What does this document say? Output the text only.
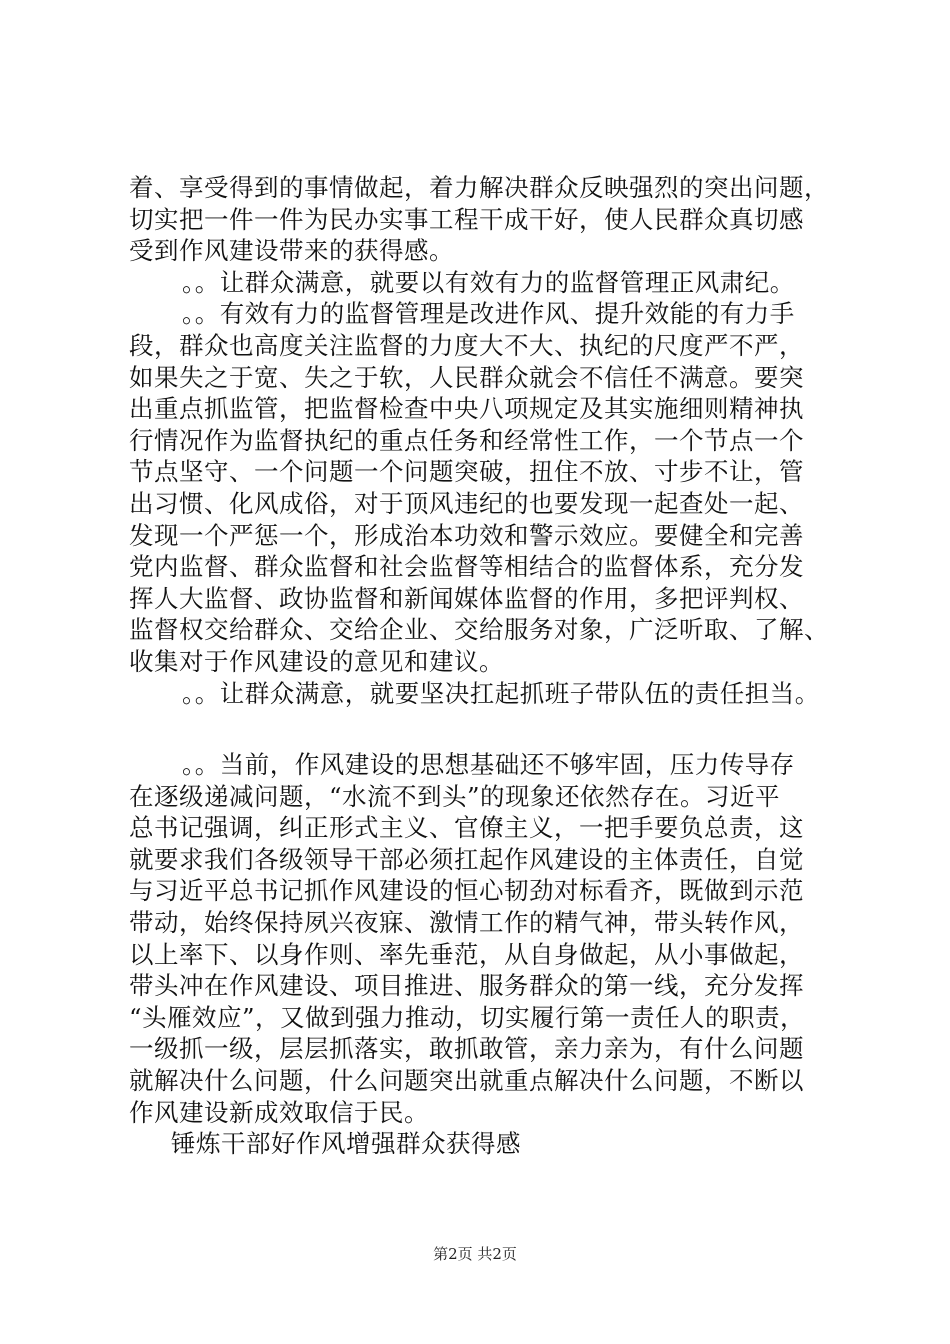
着、享受得到的事情做起，着力解决群众反映强烈的突出问题，
切实把一件一件为民办实事工程干成干好，使人民群众真切感
受到作风建设带来的获得感。
。。让群众满意，就要以有效有力的监督管理正风肃纪。
。。有效有力的监督管理是改进作风、提升效能的有力手
段，群众也高度关注监督的力度大不大、执纪的尺度严不严，
如果失之于宽、失之于软，人民群众就会不信任不满意。要突
出重点抓监管，把监督检查中央八项规定及其实施细则精神执
行情况作为监督执纪的重点任务和经常性工作，一个节点一个
节点坚守、一个问题一个问题突破，扭住不放、寸步不让，管
出习惯、化风成俗，对于顶风违纪的也要发现一起查处一起、
发现一个严惩一个，形成治本功效和警示效应。要健全和完善
党内监督、群众监督和社会监督等相结合的监督体系，充分发
挥人大监督、政协监督和新闻媒体监督的作用，多把评判权、
监督权交给群众、交给企业、交给服务对象，广泛听取、了解、
收集对于作风建设的意见和建议。
。。让群众满意，就要坚决扛起抓班子带队伍的责任担当。
。。当前，作风建设的思想基础还不够牢固，压力传导存
在逐级递减问题，“水流不到头”的现象还依然存在。习近平
总书记强调，纠正形式主义、官僚主义，一把手要负总责，这
就要求我们各级领导干部必须扛起作风建设的主体责任，自觉
与习近平总书记抓作风建设的恒心韧劲对标看齐，既做到示范
带动，始终保持夙兴夜寐、激情工作的精气神，带头转作风，
以上率下、以身作则、率先垂范，从自身做起，从小事做起，
带头冲在作风建设、项目推进、服务群众的第一线，充分发挥
“头雁效应”，又做到强力推动，切实履行第一责任人的职责，
一级抓一级，层层抓落实，敢抓敢管，亲力亲为，有什么问题
就解决什么问题，什么问题突出就重点解决什么问题，不断以
作风建设新成效取信于民。
锤炼干部好作风增强群众获得感
第2页 共2页
